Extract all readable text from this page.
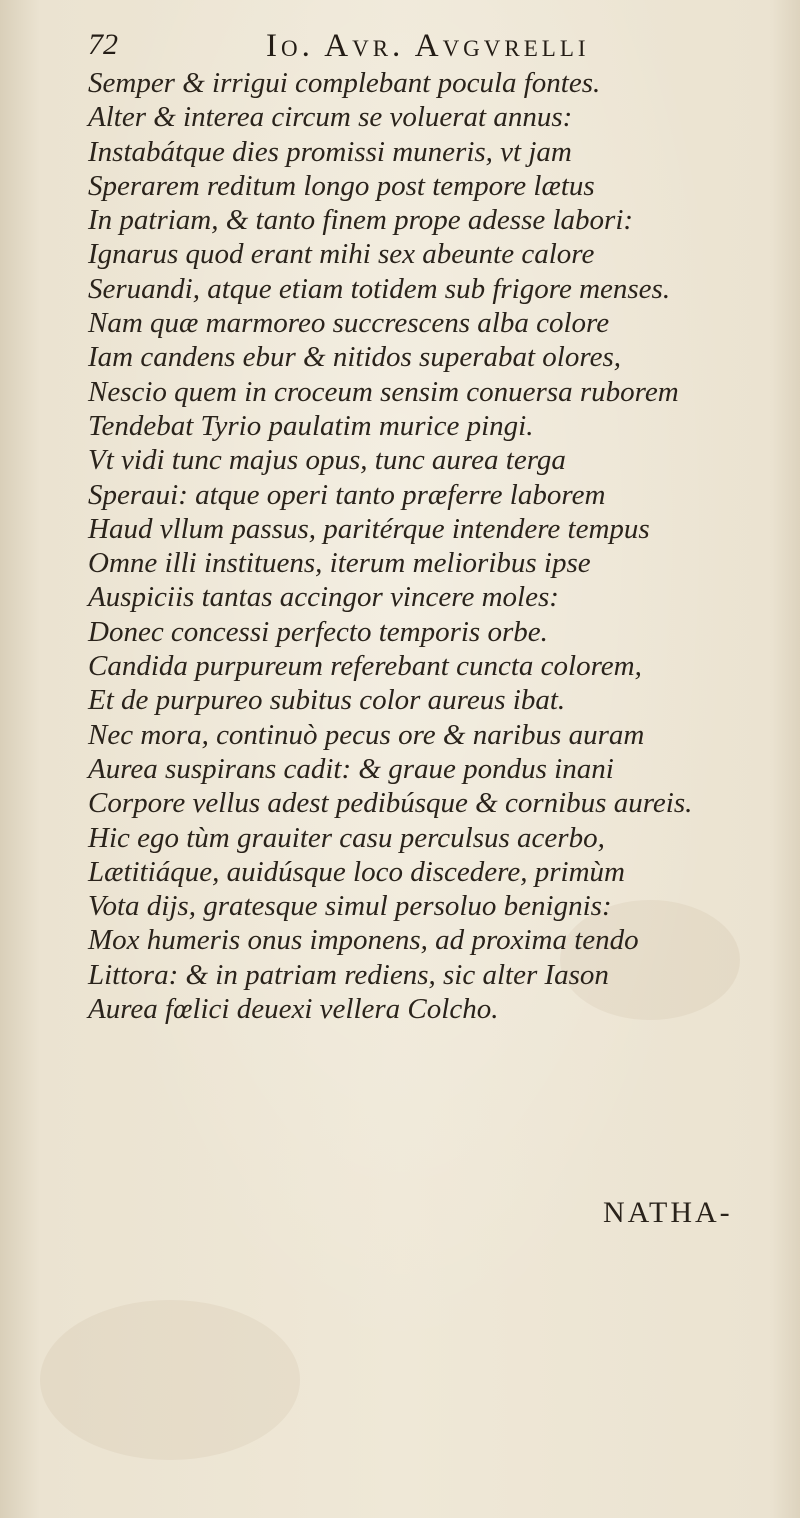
72	Io. Avr. Avgvrelli
Semper & irrigui complebant pocula fontes.
Alter & interea circum se voluerat annus:
Instabátque dies promissi muneris, vt jam
Sperarem reditum longo post tempore lætus
In patriam, & tanto finem prope adesse labori:
Ignarus quod erant mihi sex abeunte calore
Seruandi, atque etiam totidem sub frigore menses.
Nam quæ marmoreo succrescens alba colore
Iam candens ebur & nitidos superabat olores,
Nescio quem in croceum sensim conuersa ruborem
Tendebat Tyrio paulatim murice pingi.
Vt vidi tunc majus opus, tunc aurea terga
Speraui: atque operi tanto præferre laborem
Haud vllum passus, paritérque intendere tempus
Omne illi instituens, iterum melioribus ipse
Auspiciis tantas accingor vincere moles:
Donec concessi perfecto temporis orbe.
Candida purpureum referebant cuncta colorem,
Et de purpureo subitus color aureus ibat.
Nec mora, continuò pecus ore & naribus auram
Aurea suspirans cadit: & graue pondus inani
Corpore vellus adest pedibúsque & cornibus aureis.
Hic ego tùm grauiter casu perculsus acerbo,
Lætitiáque, auidúsque loco discedere, primùm
Vota dijs, gratesque simul persoluo benignis:
Mox humeris onus imponens, ad proxima tendo
Littora: & in patriam rediens, sic alter Iason
Aurea fœlici deuexi vellera Colcho.
NATHA-
